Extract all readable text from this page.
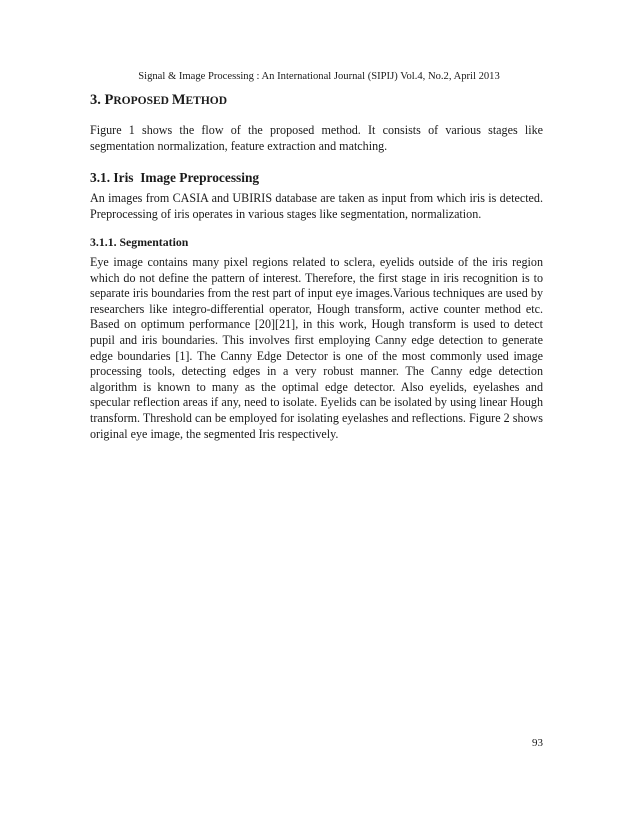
Signal & Image Processing : An International Journal (SIPIJ) Vol.4, No.2, April 2013
3. PROPOSED METHOD

Figure 1 shows the flow of the proposed method. It consists of various stages like segmentation normalization, feature extraction and matching.

3.1. Iris  Image Preprocessing

An images from CASIA and UBIRIS database are taken as input from which iris is detected. Preprocessing of iris operates in various stages like segmentation, normalization.

3.1.1. Segmentation

Eye image contains many pixel regions related to sclera, eyelids outside of the iris region which do not define the pattern of interest. Therefore, the first stage in iris recognition is to separate iris boundaries from the rest part of input eye images.Various techniques are used by researchers like integro-differential operator, Hough transform, active counter method etc. Based on optimum performance [20][21], in this work, Hough transform is used to detect pupil and iris boundaries. This involves first employing Canny edge detection to generate edge boundaries [1]. The Canny Edge Detector is one of the most commonly used image processing tools, detecting edges in a very robust manner. The Canny edge detection algorithm is known to many as the optimal edge detector. Also eyelids, eyelashes and specular reflection areas if any, need to isolate. Eyelids can be isolated by using linear Hough transform. Threshold can be employed for isolating eyelashes and reflections. Figure 2 shows original eye image, the segmented Iris respectively.

93
